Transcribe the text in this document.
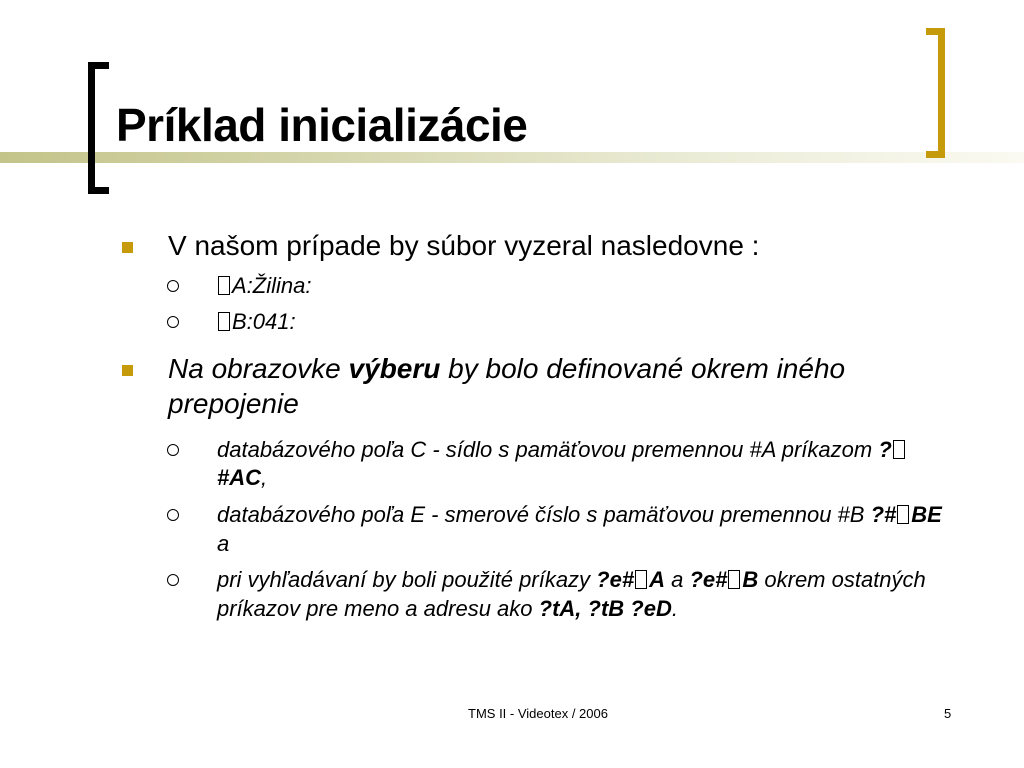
Príklad inicializácie
V našom prípade by súbor vyzeral nasledovne :
A:Žilina:
B:041:
Na obrazovke výberu by bolo definované okrem iného prepojenie
databázového poľa C - sídlo s pamäťovou premennou #A príkazom ?#AC,
databázového poľa E - smerové číslo s pamäťovou premennou #B ?# BE a
pri vyhľadávaní by boli použité príkazy ?e# A a ?e# B okrem ostatných príkazov pre meno a adresu ako ?tA, ?tB ?eD.
TMS II - Videotex / 2006	5
